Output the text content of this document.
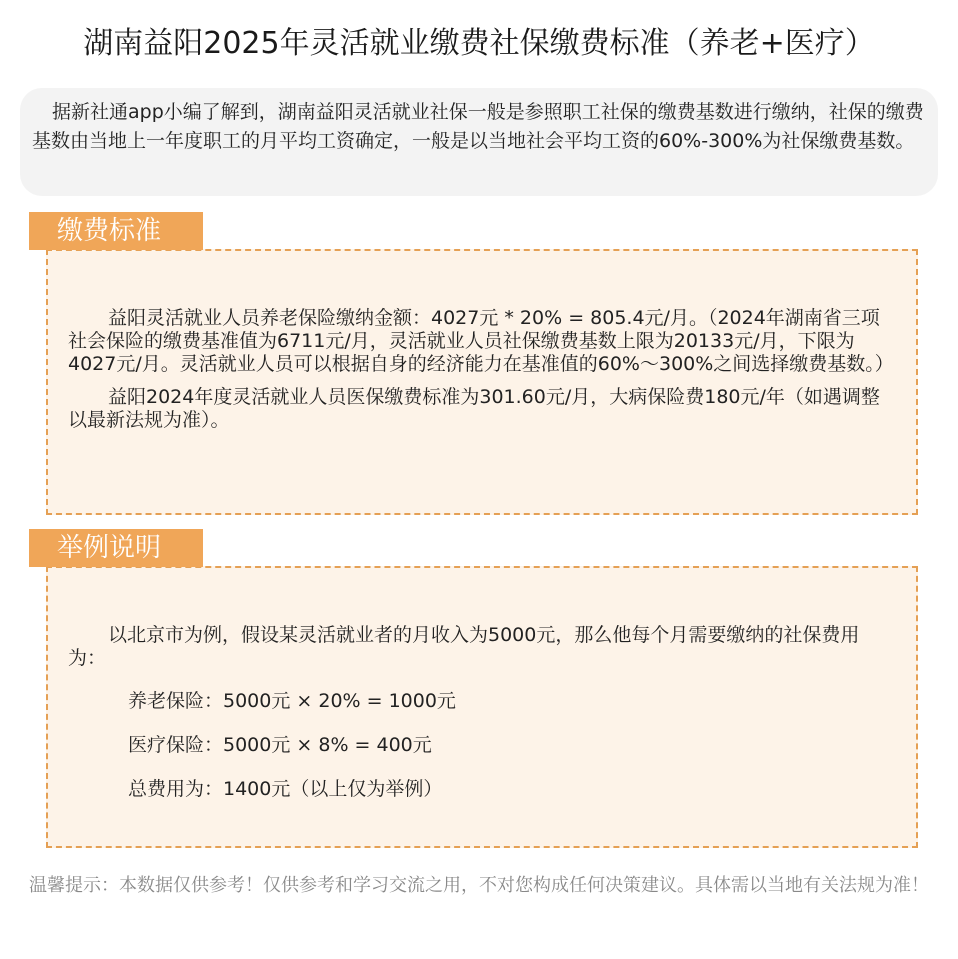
湖南益阳2025年灵活就业缴费社保缴费标准（养老+医疗）

据新社通app小编了解到，湖南益阳灵活就业社保一般是参照职工社保的缴费基数进行缴纳，社保的缴费基数由当地上一年度职工的月平均工资确定，一般是以当地社会平均工资的60%-300%为社保缴费基数。

缴费标准

益阳灵活就业人员养老保险缴纳金额：4027元 * 20% = 805.4元/月。（2024年湖南省三项社会保险的缴费基准值为6711元/月，灵活就业人员社保缴费基数上限为20133元/月，下限为4027元/月。灵活就业人员可以根据自身的经济能力在基准值的60%～300%之间选择缴费基数。）

益阳2024年度灵活就业人员医保缴费标准为301.60元/月，大病保险费180元/年（如遇调整以最新法规为准）。

举例说明

以北京市为例，假设某灵活就业者的月收入为5000元，那么他每个月需要缴纳的社保费用为：

养老保险：5000元 × 20% = 1000元

医疗保险：5000元 × 8% = 400元

总费用为：1400元（以上仅为举例）

温馨提示：本数据仅供参考！仅供参考和学习交流之用，不对您构成任何决策建议。具体需以当地有关法规为准！
